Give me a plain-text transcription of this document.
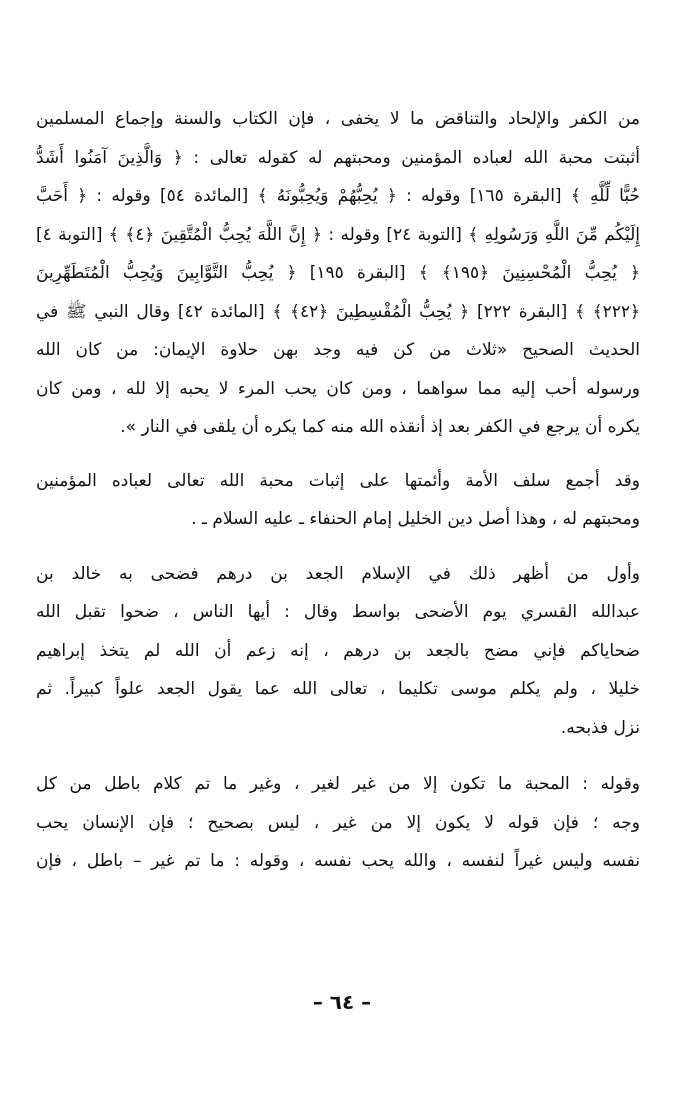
من الكفر والإلحاد والتناقض ما لا يخفى ، فإن الكتاب والسنة وإجماع المسلمين
أثبتت محبة الله لعباده المؤمنين ومحبتهم له كقوله تعالى : ﴿ وَالَّذِينَ آمَنُوا أَشَدُّ
حُبًّا لِّلَّهِ ﴾ [البقرة ١٦٥] وقوله : ﴿ يُحِبُّهُمْ وَيُحِبُّونَهُ ﴾ [المائدة ٥٤] وقوله : ﴿ أَحَبَّ
إِلَيْكُم مِّنَ اللَّهِ وَرَسُولِهِ ﴾ [التوبة ٢٤] وقوله : ﴿ إِنَّ اللَّهَ يُحِبُّ الْمُتَّقِينَ ﴿٤﴾ ﴾ [التوبة ٤]
﴿ يُحِبُّ الْمُحْسِنِينَ ﴿١٩٥﴾ ﴾ [البقرة ١٩٥] ﴿ يُحِبُّ التَّوَّابِينَ وَيُحِبُّ الْمُتَطَهِّرِينَ
﴿٢٢٢﴾ ﴾ [البقرة ٢٢٢] ﴿ يُحِبُّ الْمُقْسِطِينَ ﴿٤٢﴾ ﴾ [المائدة ٤٢] وقال النبي ﷺ في
الحديث الصحيح «ثلاث من كن فيه وجد بهن حلاوة الإيمان: من كان الله
ورسوله أحب إليه مما سواهما ، ومن كان يحب المرء لا يحبه إلا لله ، ومن كان
يكره أن يرجع في الكفر بعد إذ أنقذه الله منه كما يكره أن يلقى في النار ».
وقد أجمع سلف الأمة وأئمتها على إثبات محبة الله تعالى لعباده المؤمنين
ومحبتهم له ، وهذا أصل دين الخليل إمام الحنفاء ـ عليه السلام ـ .
وأول من أظهر ذلك في الإسلام الجعد بن درهم فضحى به خالد بن
عبدالله القسري يوم الأضحى بواسط وقال : أيها الناس ، ضحوا تقبل الله
ضحاياكم فإني مضح بالجعد بن درهم ، إنه زعم أن الله لم يتخذ إبراهيم
خليلا ، ولم يكلم موسى تكليما ، تعالى الله عما يقول الجعد علواً كبيراً. ثم
نزل فذبحه.
وقوله : المحبة ما تكون إلا من غير لغير ، وغير ما تم كلام باطل من كل
وجه ؛ فإن قوله لا يكون إلا من غير ، ليس بصحيح ؛ فإن الإنسان يحب
نفسه وليس غيراً لنفسه ، والله يحب نفسه ، وقوله : ما تم غير – باطل ، فإن
– ٦٤ –
